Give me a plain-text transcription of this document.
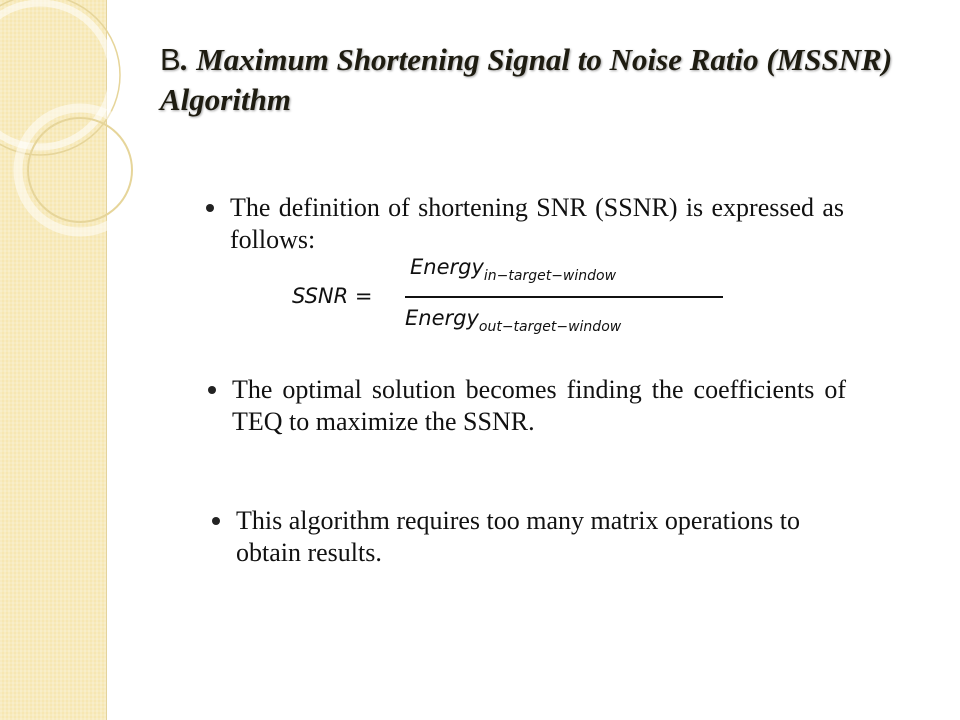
B. Maximum Shortening Signal to Noise Ratio (MSSNR) Algorithm
The definition of shortening SNR (SSNR) is expressed as follows:
SSNR =
Energy$_{in-target-window}$
Energy$_{out-target-window}$
The optimal solution becomes finding the coefficients of TEQ to maximize the SSNR.
This algorithm requires too many matrix operations to obtain results.
